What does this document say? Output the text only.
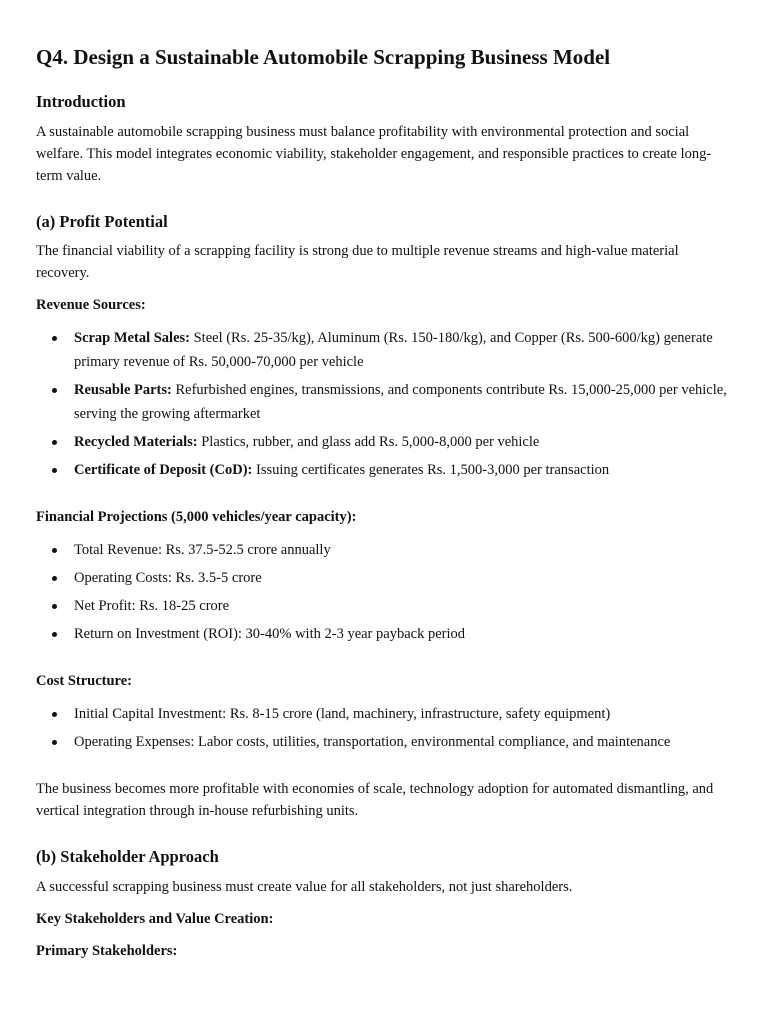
Q4. Design a Sustainable Automobile Scrapping Business Model
Introduction

A sustainable automobile scrapping business must balance profitability with environmental protection and social welfare. This model integrates economic viability, stakeholder engagement, and responsible practices to create long-term value.

(a) Profit Potential

The financial viability of a scrapping facility is strong due to multiple revenue streams and high-value material recovery.

Revenue Sources:

Scrap Metal Sales: Steel (Rs. 25-35/kg), Aluminum (Rs. 150-180/kg), and Copper (Rs. 500-600/kg) generate primary revenue of Rs. 50,000-70,000 per vehicle
Reusable Parts: Refurbished engines, transmissions, and components contribute Rs. 15,000-25,000 per vehicle, serving the growing aftermarket
Recycled Materials: Plastics, rubber, and glass add Rs. 5,000-8,000 per vehicle
Certificate of Deposit (CoD): Issuing certificates generates Rs. 1,500-3,000 per transaction

Financial Projections (5,000 vehicles/year capacity):

Total Revenue: Rs. 37.5-52.5 crore annually
Operating Costs: Rs. 3.5-5 crore
Net Profit: Rs. 18-25 crore
Return on Investment (ROI): 30-40% with 2-3 year payback period

Cost Structure:

Initial Capital Investment: Rs. 8-15 crore (land, machinery, infrastructure, safety equipment)
Operating Expenses: Labor costs, utilities, transportation, environmental compliance, and maintenance

The business becomes more profitable with economies of scale, technology adoption for automated dismantling, and vertical integration through in-house refurbishing units.

(b) Stakeholder Approach

A successful scrapping business must create value for all stakeholders, not just shareholders.

Key Stakeholders and Value Creation:

Primary Stakeholders:
